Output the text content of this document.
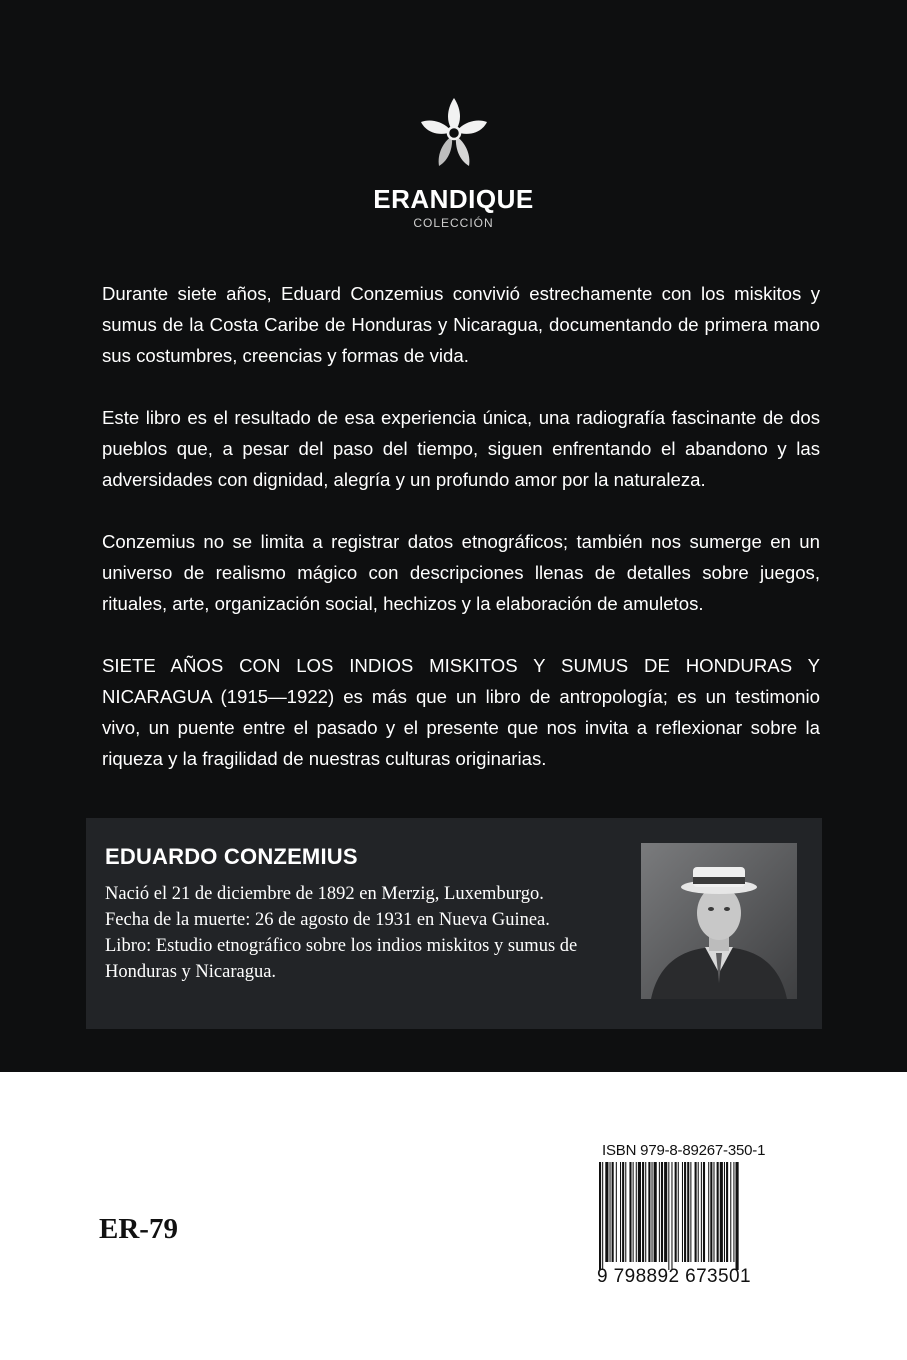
ERANDIQUE
COLECCIÓN

Durante siete años, Eduard Conzemius convivió estrechamente con los miskitos y sumus de la Costa Caribe de Honduras y Nicaragua, documentando de primera mano sus costumbres, creencias y formas de vida.

Este libro es el resultado de esa experiencia única, una radiografía fascinante de dos pueblos que, a pesar del paso del tiempo, siguen enfrentando el abandono y las adversidades con dignidad, alegría y un profundo amor por la naturaleza.

Conzemius no se limita a registrar datos etnográficos; también nos sumerge en un universo de realismo mágico con descripciones llenas de detalles sobre juegos, rituales, arte, organización social, hechizos y la elaboración de amuletos.

SIETE AÑOS CON LOS INDIOS MISKITOS Y SUMUS DE HONDURAS Y NICARAGUA (1915—1922) es más que un libro de antropología; es un testimonio vivo, un puente entre el pasado y el presente que nos invita a reflexionar sobre la riqueza y la fragilidad de nuestras culturas originarias.

EDUARDO CONZEMIUS
Nació el 21 de diciembre de 1892 en Merzig, Luxemburgo.
Fecha de la muerte: 26 de agosto de 1931 en Nueva Guinea.
Libro: Estudio etnográfico sobre los indios miskitos y sumus de
Honduras y Nicaragua.
ER-79
ISBN 979-8-89267-350-1
9 798892 673501
